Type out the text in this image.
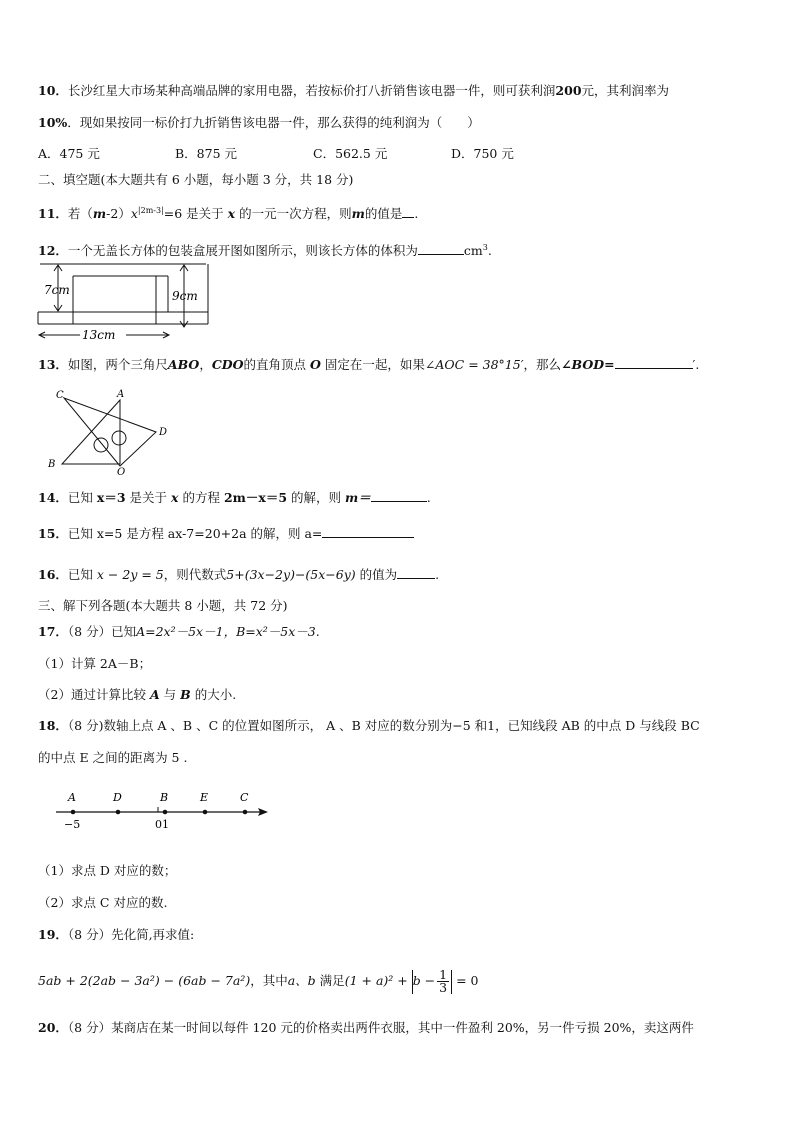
10．长沙红星大市场某种高端品牌的家用电器，若按标价打八折销售该电器一件，则可获利润200元，其利润率为
10%．现如果按同一标价打九折销售该电器一件，那么获得的纯利润为（　　）
A．475 元	B．875 元	C．562.5 元	D．750 元
二、填空题(本大题共有 6 小题，每小题 3 分，共 18 分)
11．若$(m-2)x^{|2m-3|}=6$ 是关于 x 的一元一次方程，则m的值是 .
12．一个无盖长方体的包装盒展开图如图所示，则该长方体的体积为	$cm^3$.
7cm	9cm
13cm
13．如图，两个三角尺ABO，CDO的直角顶点 O 固定在一起，如果∠AOC = 38°15′，那么∠BOD=	′.
C	A
D
B
O
14．已知 x＝3 是关于 x 的方程 2m－x＝5 的解，则 m＝	.
15．已知 x=5 是方程 ax-7=20+2a 的解，则 a=
16．已知 x − 2y = 5，则代数式5+(3x−2y)−(5x−6y) 的值为	.
三、解下列各题(本大题共 8 小题，共 72 分)
17．（8 分）已知A=2x²－5x－1，B=x²－5x－3.
（1）计算 2A－B；
（2）通过计算比较 A 与 B 的大小.
18．（8 分)数轴上点 A 、B 、C 的位置如图所示， A 、B 对应的数分别为−5 和1，已知线段 AB 的中点 D 与线段 BC
的中点 E 之间的距离为 5 .
A	D	B	E	C
−5	01
（1）求点 D 对应的数；
（2）求点 C 对应的数.
19．（8 分）先化简,再求值:
5ab + 2(2ab − 3a²) − (6ab − 7a²)，其中a、b 满足$(1 + a)^2 + b - \frac{1}{3} = 0$
20．（8 分）某商店在某一时间以每件 120 元的价格卖出两件衣服，其中一件盈利 20%，另一件亏损 20%，卖这两件
